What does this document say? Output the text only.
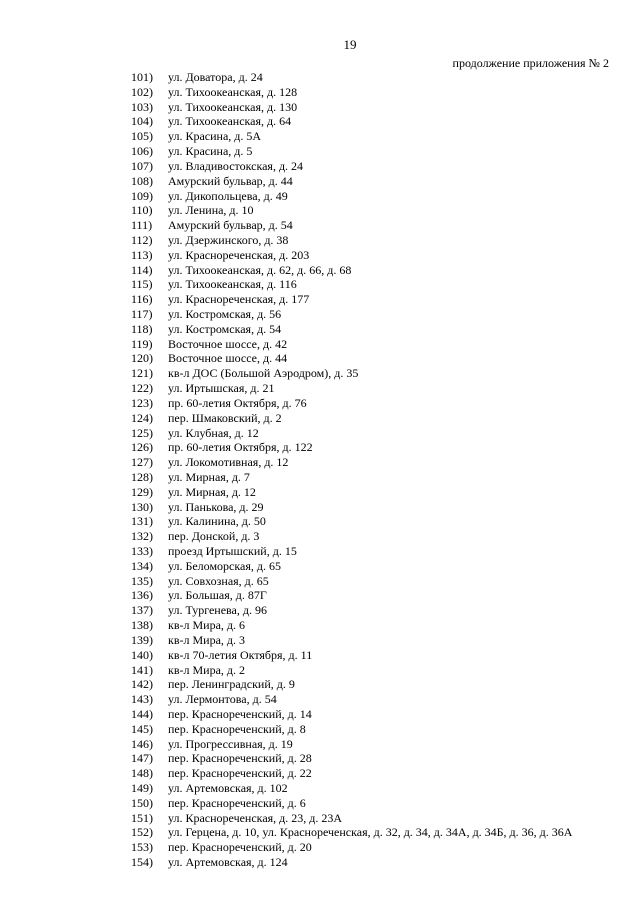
19
продолжение приложения № 2
101) ул. Доватора, д. 24
102) ул. Тихоокеанская, д. 128
103) ул. Тихоокеанская, д. 130
104) ул. Тихоокеанская, д. 64
105) ул. Красина, д. 5А
106) ул. Красина, д. 5
107) ул. Владивостокская, д. 24
108) Амурский бульвар, д. 44
109) ул. Дикопольцева, д. 49
110) ул. Ленина, д. 10
111) Амурский бульвар, д. 54
112) ул. Дзержинского, д. 38
113) ул. Краснореченская, д. 203
114) ул. Тихоокеанская, д. 62, д. 66, д. 68
115) ул. Тихоокеанская, д. 116
116) ул. Краснореченская, д. 177
117) ул. Костромская, д. 56
118) ул. Костромская, д. 54
119) Восточное шоссе, д. 42
120) Восточное шоссе, д. 44
121) кв-л ДОС (Большой Аэродром), д. 35
122) ул. Иртышская, д. 21
123) пр. 60-летия Октября, д. 76
124) пер. Шмаковский, д. 2
125) ул. Клубная, д. 12
126) пр. 60-летия Октября, д. 122
127) ул. Локомотивная, д. 12
128) ул. Мирная, д. 7
129) ул. Мирная, д. 12
130) ул. Панькова, д. 29
131) ул. Калинина, д. 50
132) пер. Донской, д. 3
133) проезд Иртышский, д. 15
134) ул. Беломорская, д. 65
135) ул. Совхозная, д. 65
136) ул. Большая, д. 87Г
137) ул. Тургенева, д. 96
138) кв-л Мира, д. 6
139) кв-л Мира, д. 3
140) кв-л 70-летия Октября, д. 11
141) кв-л Мира, д. 2
142) пер. Ленинградский, д. 9
143) ул. Лермонтова, д. 54
144) пер. Краснореченский, д. 14
145) пер. Краснореченский, д. 8
146) ул. Прогрессивная, д. 19
147) пер. Краснореченский, д. 28
148) пер. Краснореченский, д. 22
149) ул. Артемовская, д. 102
150) пер. Краснореченский, д. 6
151) ул. Краснореченская, д. 23, д. 23А
152) ул. Герцена, д. 10, ул. Краснореченская, д. 32, д. 34, д. 34А, д. 34Б, д. 36, д. 36А
153) пер. Краснореченский, д. 20
154) ул. Артемовская, д. 124
